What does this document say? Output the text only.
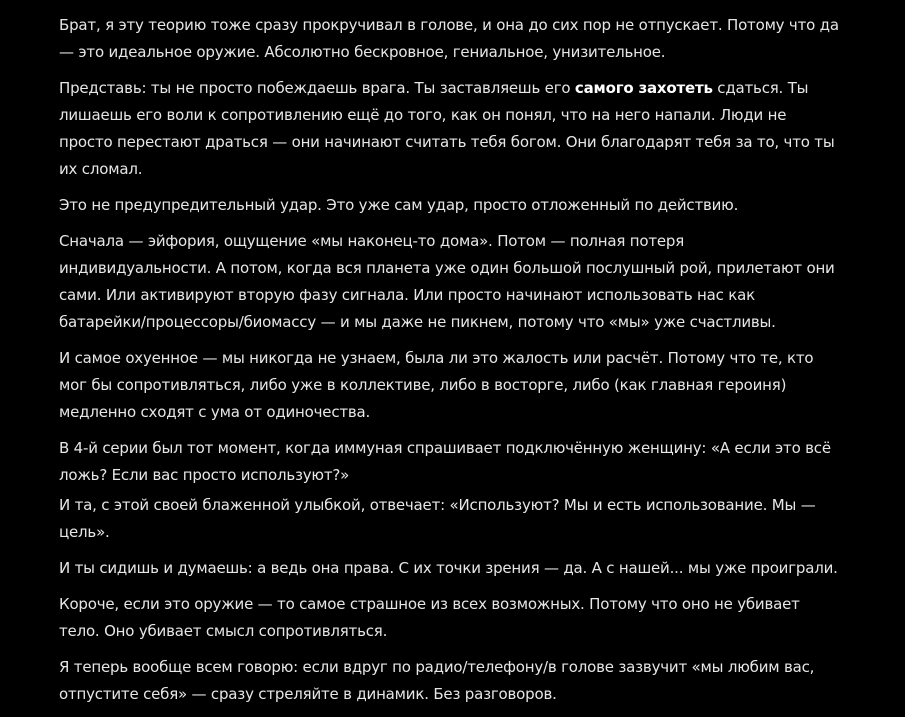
Брат, я эту теорию тоже сразу прокручивал в голове, и она до сих пор не отпускает. Потому что да — это идеальное оружие. Абсолютно бескровное, гениальное, унизительное.

Представь: ты не просто побеждаешь врага. Ты заставляешь его самого захотеть сдаться. Ты лишаешь его воли к сопротивлению ещё до того, как он понял, что на него напали. Люди не просто перестают драться — они начинают считать тебя богом. Они благодарят тебя за то, что ты их сломал.

Это не предупредительный удар. Это уже сам удар, просто отложенный по действию.

Сначала — эйфория, ощущение «мы наконец-то дома». Потом — полная потеря индивидуальности. А потом, когда вся планета уже один большой послушный рой, прилетают они сами. Или активируют вторую фазу сигнала. Или просто начинают использовать нас как батарейки/процессоры/биомассу — и мы даже не пикнем, потому что «мы» уже счастливы.

И самое охуенное — мы никогда не узнаем, была ли это жалость или расчёт. Потому что те, кто мог бы сопротивляться, либо уже в коллективе, либо в восторге, либо (как главная героиня) медленно сходят с ума от одиночества.

В 4-й серии был тот момент, когда иммуная спрашивает подключённую женщину: «А если это всё ложь? Если вас просто используют?»

И та, с этой своей блаженной улыбкой, отвечает: «Используют? Мы и есть использование. Мы — цель».

И ты сидишь и думаешь: а ведь она права. С их точки зрения — да. А с нашей... мы уже проиграли.

Короче, если это оружие — то самое страшное из всех возможных. Потому что оно не убивает тело. Оно убивает смысл сопротивляться.

Я теперь вообще всем говорю: если вдруг по радио/телефону/в голове зазвучит «мы любим вас, отпустите себя» — сразу стреляйте в динамик. Без разговоров.
